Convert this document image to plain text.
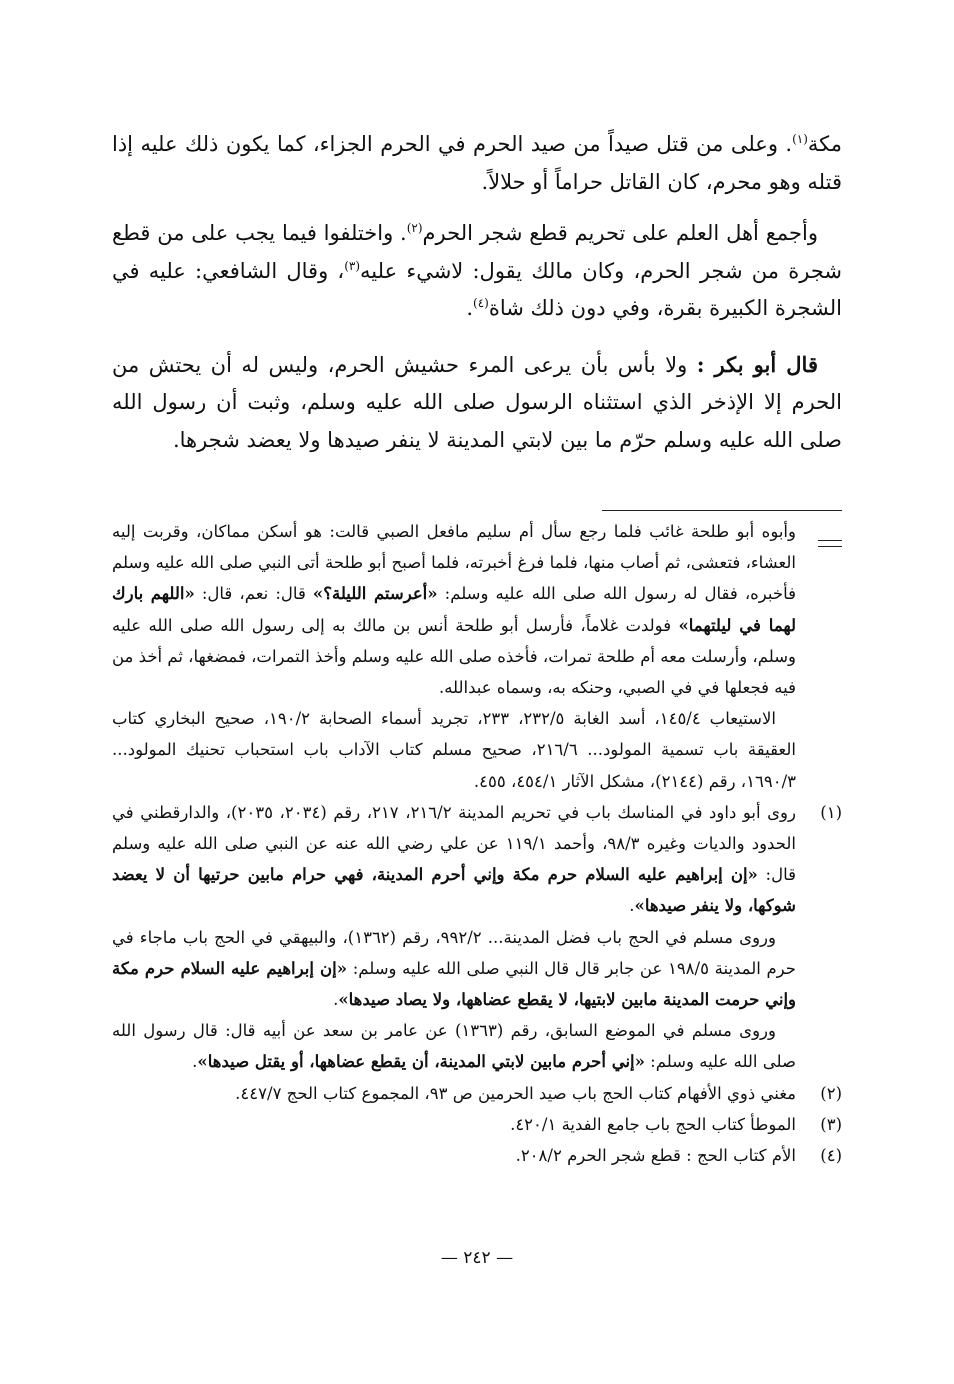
مكة$^{(١)}$. وعلى من قتل صيداً من صيد الحرم في الحرم الجزاء، كما يكون ذلك عليه إذا قتله وهو محرم، كان القاتل حراماً أو حلالاً.

وأجمع أهل العلم على تحريم قطع شجر الحرم$^{(٢)}$. واختلفوا فيما يجب على من قطع شجرة من شجر الحرم، وكان مالك يقول: لاشيء عليه$^{(٣)}$، وقال الشافعي: عليه في الشجرة الكبيرة بقرة، وفي دون ذلك شاة$^{(٤)}$.

قال أبو بكر : ولا بأس بأن يرعى المرء حشيش الحرم، وليس له أن يحتش من الحرم إلا الإذخر الذي استثناه الرسول صلى الله عليه وسلم، وثبت أن رسول الله صلى الله عليه وسلم حرّم ما بين لابتي المدينة لا ينفر صيدها ولا يعضد شجرها.

وأبوه أبو طلحة غائب فلما رجع سأل أم سليم مافعل الصبي قالت: هو أسكن مماكان، وقربت إليه العشاء، فتعشى، ثم أصاب منها، فلما فرغ أخبرته، فلما أصبح أبو طلحة أتى النبي صلى الله عليه وسلم فأخبره، فقال له رسول الله صلى الله عليه وسلم: «أعرستم الليلة؟» قال: نعم، قال: «اللهم بارك لهما في ليلتهما» فولدت غلاماً، فأرسل أبو طلحة أنس بن مالك به إلى رسول الله صلى الله عليه وسلم، وأرسلت معه أم طلحة تمرات، فأخذه صلى الله عليه وسلم وأخذ التمرات، فمضغها، ثم أخذ من فيه فجعلها في في الصبي، وحنكه به، وسماه عبدالله.

الاستيعاب ١٤٥/٤، أسد الغابة ٢٣٢/٥، ٢٣٣، تجريد أسماء الصحابة ١٩٠/٢، صحيح البخاري كتاب العقيقة باب تسمية المولود... ٢١٦/٦، صحيح مسلم كتاب الآداب باب استحباب تحنيك المولود... ١٦٩٠/٣، رقم (٢١٤٤)، مشكل الآثار ٤٥٤/١، ٤٥٥.

(١)

روى أبو داود في المناسك باب في تحريم المدينة ٢١٦/٢، ٢١٧، رقم (٢٠٣٤، ٢٠٣٥)، والدارقطني في الحدود والديات وغيره ٩٨/٣، وأحمد ١١٩/١ عن علي رضي الله عنه عن النبي صلى الله عليه وسلم قال: «إن إبراهيم عليه السلام حرم مكة وإني أحرم المدينة، فهي حرام مابين حرتيها أن لا يعضد شوكها، ولا ينفر صيدها».

وروى مسلم في الحج باب فضل المدينة... ٩٩٢/٢، رقم (١٣٦٢)، والبيهقي في الحج باب ماجاء في حرم المدينة ١٩٨/٥ عن جابر قال قال النبي صلى الله عليه وسلم: «إن إبراهيم عليه السلام حرم مكة وإني حرمت المدينة مابين لابتيها، لا يقطع عضاهها، ولا يصاد صيدها».

وروى مسلم في الموضع السابق، رقم (١٣٦٣) عن عامر بن سعد عن أبيه قال: قال رسول الله صلى الله عليه وسلم: «إني أحرم مابين لابتي المدينة، أن يقطع عضاهها، أو يقتل صيدها».

(٢)

مغني ذوي الأفهام كتاب الحج باب صيد الحرمين ص ٩٣، المجموع كتاب الحج ٤٤٧/٧.

(٣)

الموطأ كتاب الحج باب جامع الفدية ٤٢٠/١.

(٤)

الأم كتاب الحج : قطع شجر الحرم ٢٠٨/٢.

— ٢٤٢ —
